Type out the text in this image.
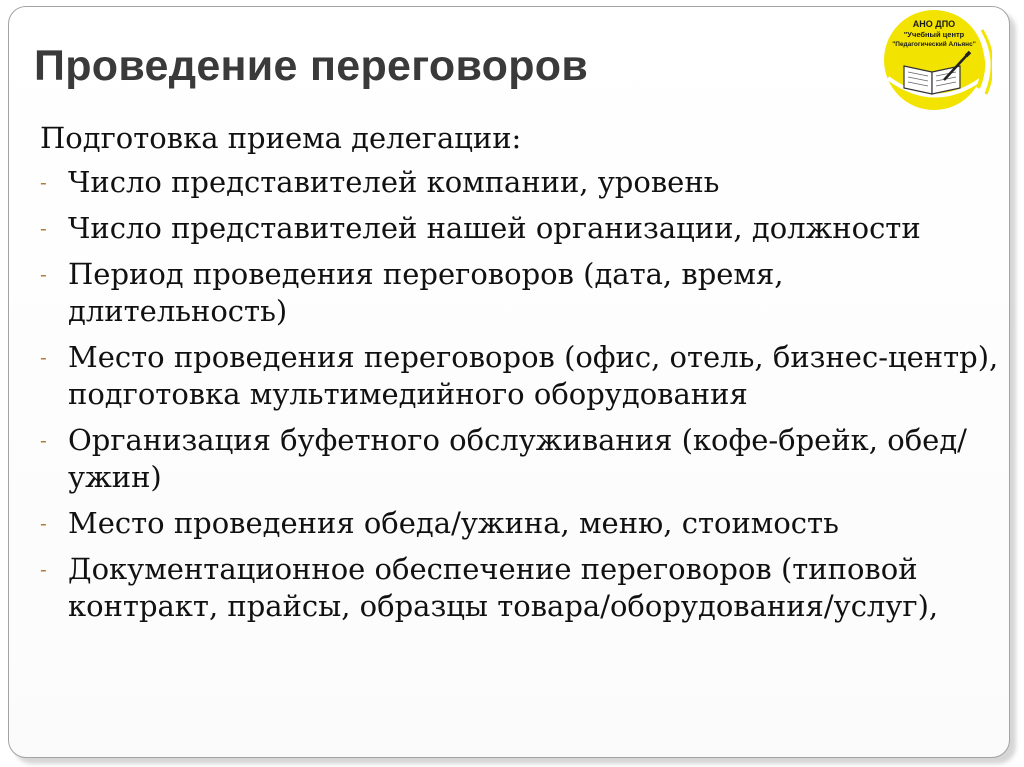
Проведение переговоров
АНО ДПО
"Учебный центр
"Педагогический Альянс"

Подготовка приема делегации:

- Число представителей компании, уровень
- Число представителей нашей организации, должности
- Период проведения переговоров (дата, время, длительность)
- Место проведения переговоров (офис, отель, бизнес-центр), подготовка мультимедийного оборудования
- Организация буфетного обслуживания (кофе-брейк, обед/ужин)
- Место проведения обеда/ужина, меню, стоимость
- Документационное обеспечение переговоров (типовой контракт, прайсы, образцы товара/оборудования/услуг),
